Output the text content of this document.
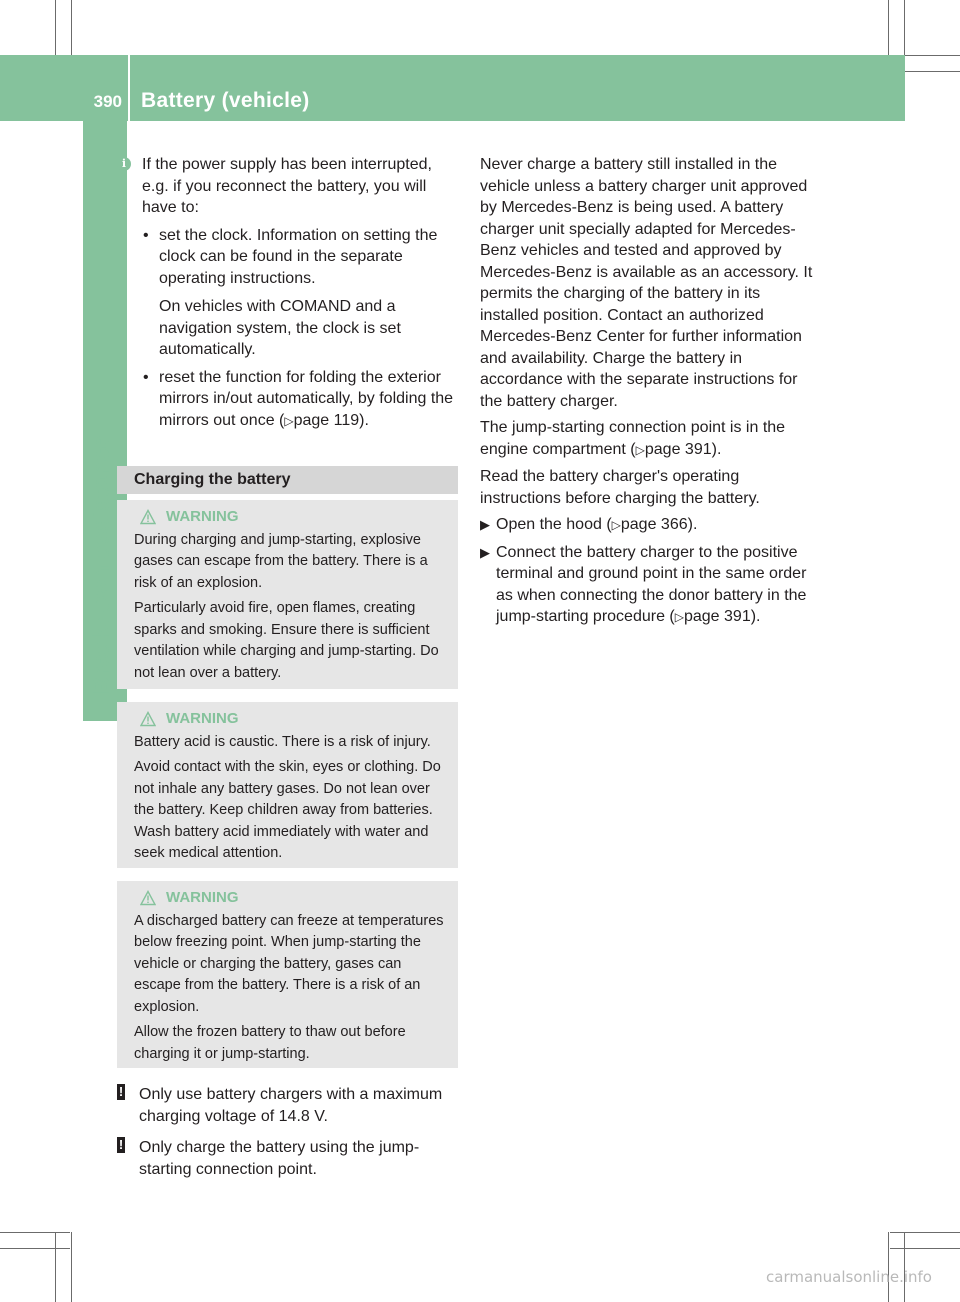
390 Battery (vehicle)
Breakdown assistance
i If the power supply has been interrupted, e.g. if you reconnect the battery, you will have to:

• set the clock. Information on setting the clock can be found in the separate operating instructions.

On vehicles with COMAND and a navigation system, the clock is set automatically.

• reset the function for folding the exterior mirrors in/out automatically, by folding the mirrors out once (▷page 119).

Charging the battery
WARNING

During charging and jump-starting, explosive gases can escape from the battery. There is a risk of an explosion.

Particularly avoid fire, open flames, creating sparks and smoking. Ensure there is sufficient ventilation while charging and jump-starting. Do not lean over a battery.

WARNING

Battery acid is caustic. There is a risk of injury.

Avoid contact with the skin, eyes or clothing. Do not inhale any battery gases. Do not lean over the battery. Keep children away from batteries. Wash battery acid immediately with water and seek medical attention.

WARNING

A discharged battery can freeze at temperatures below freezing point. When jump-starting the vehicle or charging the battery, gases can escape from the battery. There is a risk of an explosion.

Allow the frozen battery to thaw out before charging it or jump-starting.

! Only use battery chargers with a maximum charging voltage of 14.8 V.

! Only charge the battery using the jump-starting connection point.

Never charge a battery still installed in the vehicle unless a battery charger unit approved by Mercedes-Benz is being used. A battery charger unit specially adapted for Mercedes-Benz vehicles and tested and approved by Mercedes-Benz is available as an accessory. It permits the charging of the battery in its installed position. Contact an authorized Mercedes-Benz Center for further information and availability. Charge the battery in accordance with the separate instructions for the battery charger.

The jump-starting connection point is in the engine compartment (▷page 391).

Read the battery charger's operating instructions before charging the battery.

▶ Open the hood (▷page 366).
▶ Connect the battery charger to the positive terminal and ground point in the same order as when connecting the donor battery in the jump-starting procedure (▷page 391).
carmanualsonline.info
